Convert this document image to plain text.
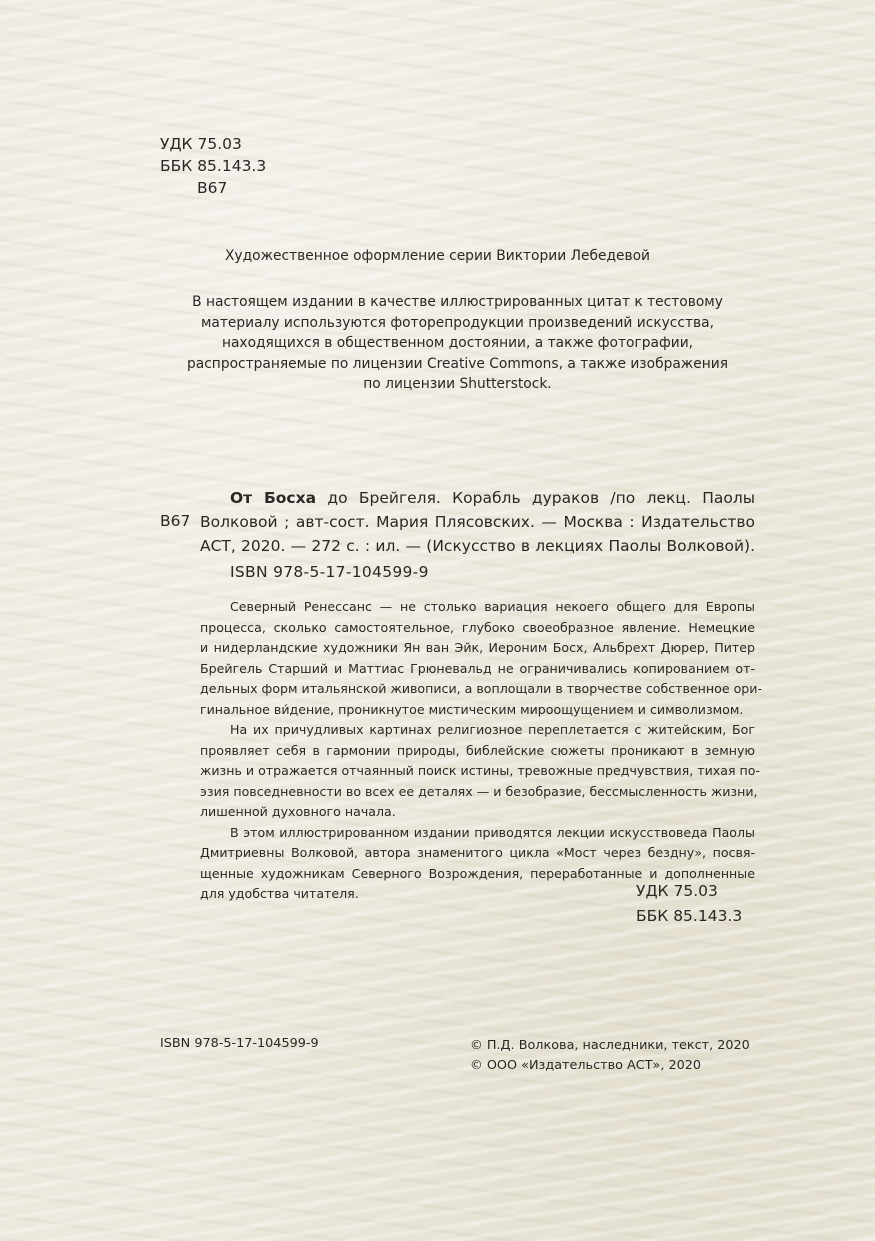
УДК 75.03
ББК 85.143.3
В67

Художественное оформление серии Виктории Лебедевой

В настоящем издании в качестве иллюстрированных цитат к тестовому
материалу используются фоторепродукции произведений искусства,
находящихся в общественном достоянии, а также фотографии,
распространяемые по лицензии Creative Commons, а также изображения
по лицензии Shutterstock.
В67
От Босха до Брейгеля. Корабль дураков /по лекц. Паолы
Волковой ; авт-сост. Мария Плясовских. — Москва : Издательство
АСТ, 2020. — 272 с. : ил. — (Искусство в лекциях Паолы Волковой).
ISBN 978-5-17-104599-9
Северный Ренессанс — не столько вариация некоего общего для Европы
процесса, сколько самостоятельное, глубоко своеобразное явление. Немецкие
и нидерландские художники Ян ван Эйк, Иероним Босх, Альбрехт Дюрер, Питер
Брейгель Старший и Маттиас Грюневальд не ограничивались копированием от-
дельных форм итальянской живописи, а воплощали в творчестве собственное ори-
гинальное ви́дение, проникнутое мистическим мироощущением и символизмом.
На их причудливых картинах религиозное переплетается с житейским, Бог
проявляет себя в гармонии природы, библейские сюжеты проникают в земную
жизнь и отражается отчаянный поиск истины, тревожные предчувствия, тихая по-
эзия повседневности во всех ее деталях — и безобразие, бессмысленность жизни,
лишенной духовного начала.
В этом иллюстрированном издании приводятся лекции искусствоведа Паолы
Дмитриевны Волковой, автора знаменитого цикла «Мост через бездну», посвя-
щенные художникам Северного Возрождения, переработанные и дополненные
для удобства читателя.	УДК 75.03
ББК 85.143.3
ISBN 978-5-17-104599-9	© П.Д. Волкова, наследники, текст, 2020
© ООО «Издательство АСТ», 2020
